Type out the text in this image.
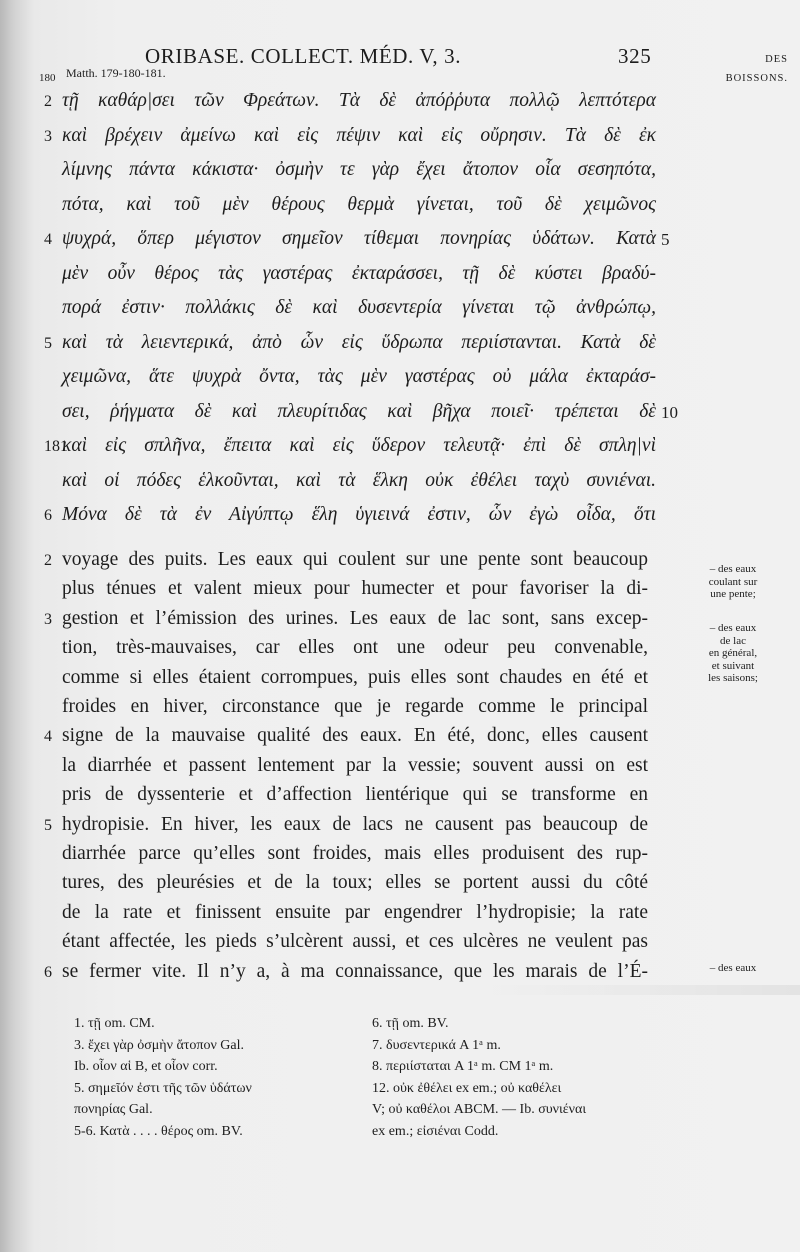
ORIBASE. COLLECT. MÉD. V, 3.	325	DES
BOISSONS.
180 Matth. 179-180-181.
2 τῇ καθάρ|σει τῶν Φρεάτων. Τὰ δὲ ἀπόῤῥυτα πολλῷ λεπτότερα
3 καὶ βρέχειν ἀμείνω καὶ εἰς πέψιν καὶ εἰς οὔρησιν. Τὰ δὲ ἐκ
λίμνης πάντα κάκιστα· ὀσμὴν τε γὰρ ἔχει ἄτοπον οἷα σεσηπότα,
πότα, καὶ τοῦ μὲν θέρους θερμὰ γίνεται, τοῦ δὲ χειμῶνος
4 ψυχρά, ὅπερ μέγιστον σημεῖον τίθεμαι πονηρίας ὑδάτων. Κατὰ
μὲν οὖν θέρος τὰς γαστέρας ἐκταράσσει, τῇ δὲ κύστει βραδύ-
πορά ἐστιν· πολλάκις δὲ καὶ δυσεντερία γίνεται τῷ ἀνθρώπῳ,
5 καὶ τὰ λειεντερικά, ἀπὸ ὧν εἰς ὕδρωπα περιίστανται. Κατὰ δὲ
χειμῶνα, ἅτε ψυχρὰ ὄντα, τὰς μὲν γαστέρας οὐ μάλα ἐκταράσ-
σει, ῥήγματα δὲ καὶ πλευρίτιδας καὶ βῆχα ποιεῖ· τρέπεται δὲ
181
καὶ εἰς σπλῆνα, ἔπειτα καὶ εἰς ὕδερον τελευτᾷ· ἐπὶ δὲ σπλη|νὶ
καὶ οἱ πόδες ἑλκοῦνται, καὶ τὰ ἕλκη οὐκ ἐθέλει ταχὺ συνιέναι.
6 Μόνα δὲ τὰ ἐν Αἰγύπτῳ ἕλη ὑγιεινά ἐστιν, ὧν ἐγὼ οἶδα, ὅτι
5
10
2 voyage des puits. Les eaux qui coulent sur une pente sont beaucoup
plus ténues et valent mieux pour humecter et pour favoriser la di-
3 gestion et l’émission des urines. Les eaux de lac sont, sans excep-
tion, très-mauvaises, car elles ont une odeur peu convenable,
comme si elles étaient corrompues, puis elles sont chaudes en été et
froides en hiver, circonstance que je regarde comme le principal
4 signe de la mauvaise qualité des eaux. En été, donc, elles causent
la diarrhée et passent lentement par la vessie; souvent aussi on est
pris de dyssenterie et d’affection lientérique qui se transforme en
5 hydropisie. En hiver, les eaux de lacs ne causent pas beaucoup de
diarrhée parce qu’elles sont froides, mais elles produisent des rup-
tures, des pleurésies et de la toux; elles se portent aussi du côté
de la rate et finissent ensuite par engendrer l’hydropisie; la rate
étant affectée, les pieds s’ulcèrent aussi, et ces ulcères ne veulent pas
6 se fermer vite. Il n’y a, à ma connaissance, que les marais de l’É-
– des eaux
coulant sur
une pente;
– des eaux
de lac
en général,
et suivant
les saisons;
– des eaux
1. τῇ om. CM.
3. ἔχει γὰρ ὀσμὴν ἄτοπον Gal.
Ib. οἷον αἱ B, et οἷον corr.
5. σημεῖόν ἐστι τῆς τῶν ὑδάτων
πονηρίας Gal.
5-6. Κατὰ . . . . θέρος om. BV.
6. τῇ om. BV.
7. δυσεντερικά A 1ᵃ m.
8. περιίσταται A 1ᵃ m. CM 1ᵃ m.
12. οὐκ ἐθέλει ex em.; οὐ καθέλει
V; οὐ καθέλοι ABCM. — Ib. συνιέναι
ex em.; εἰσιέναι Codd.
